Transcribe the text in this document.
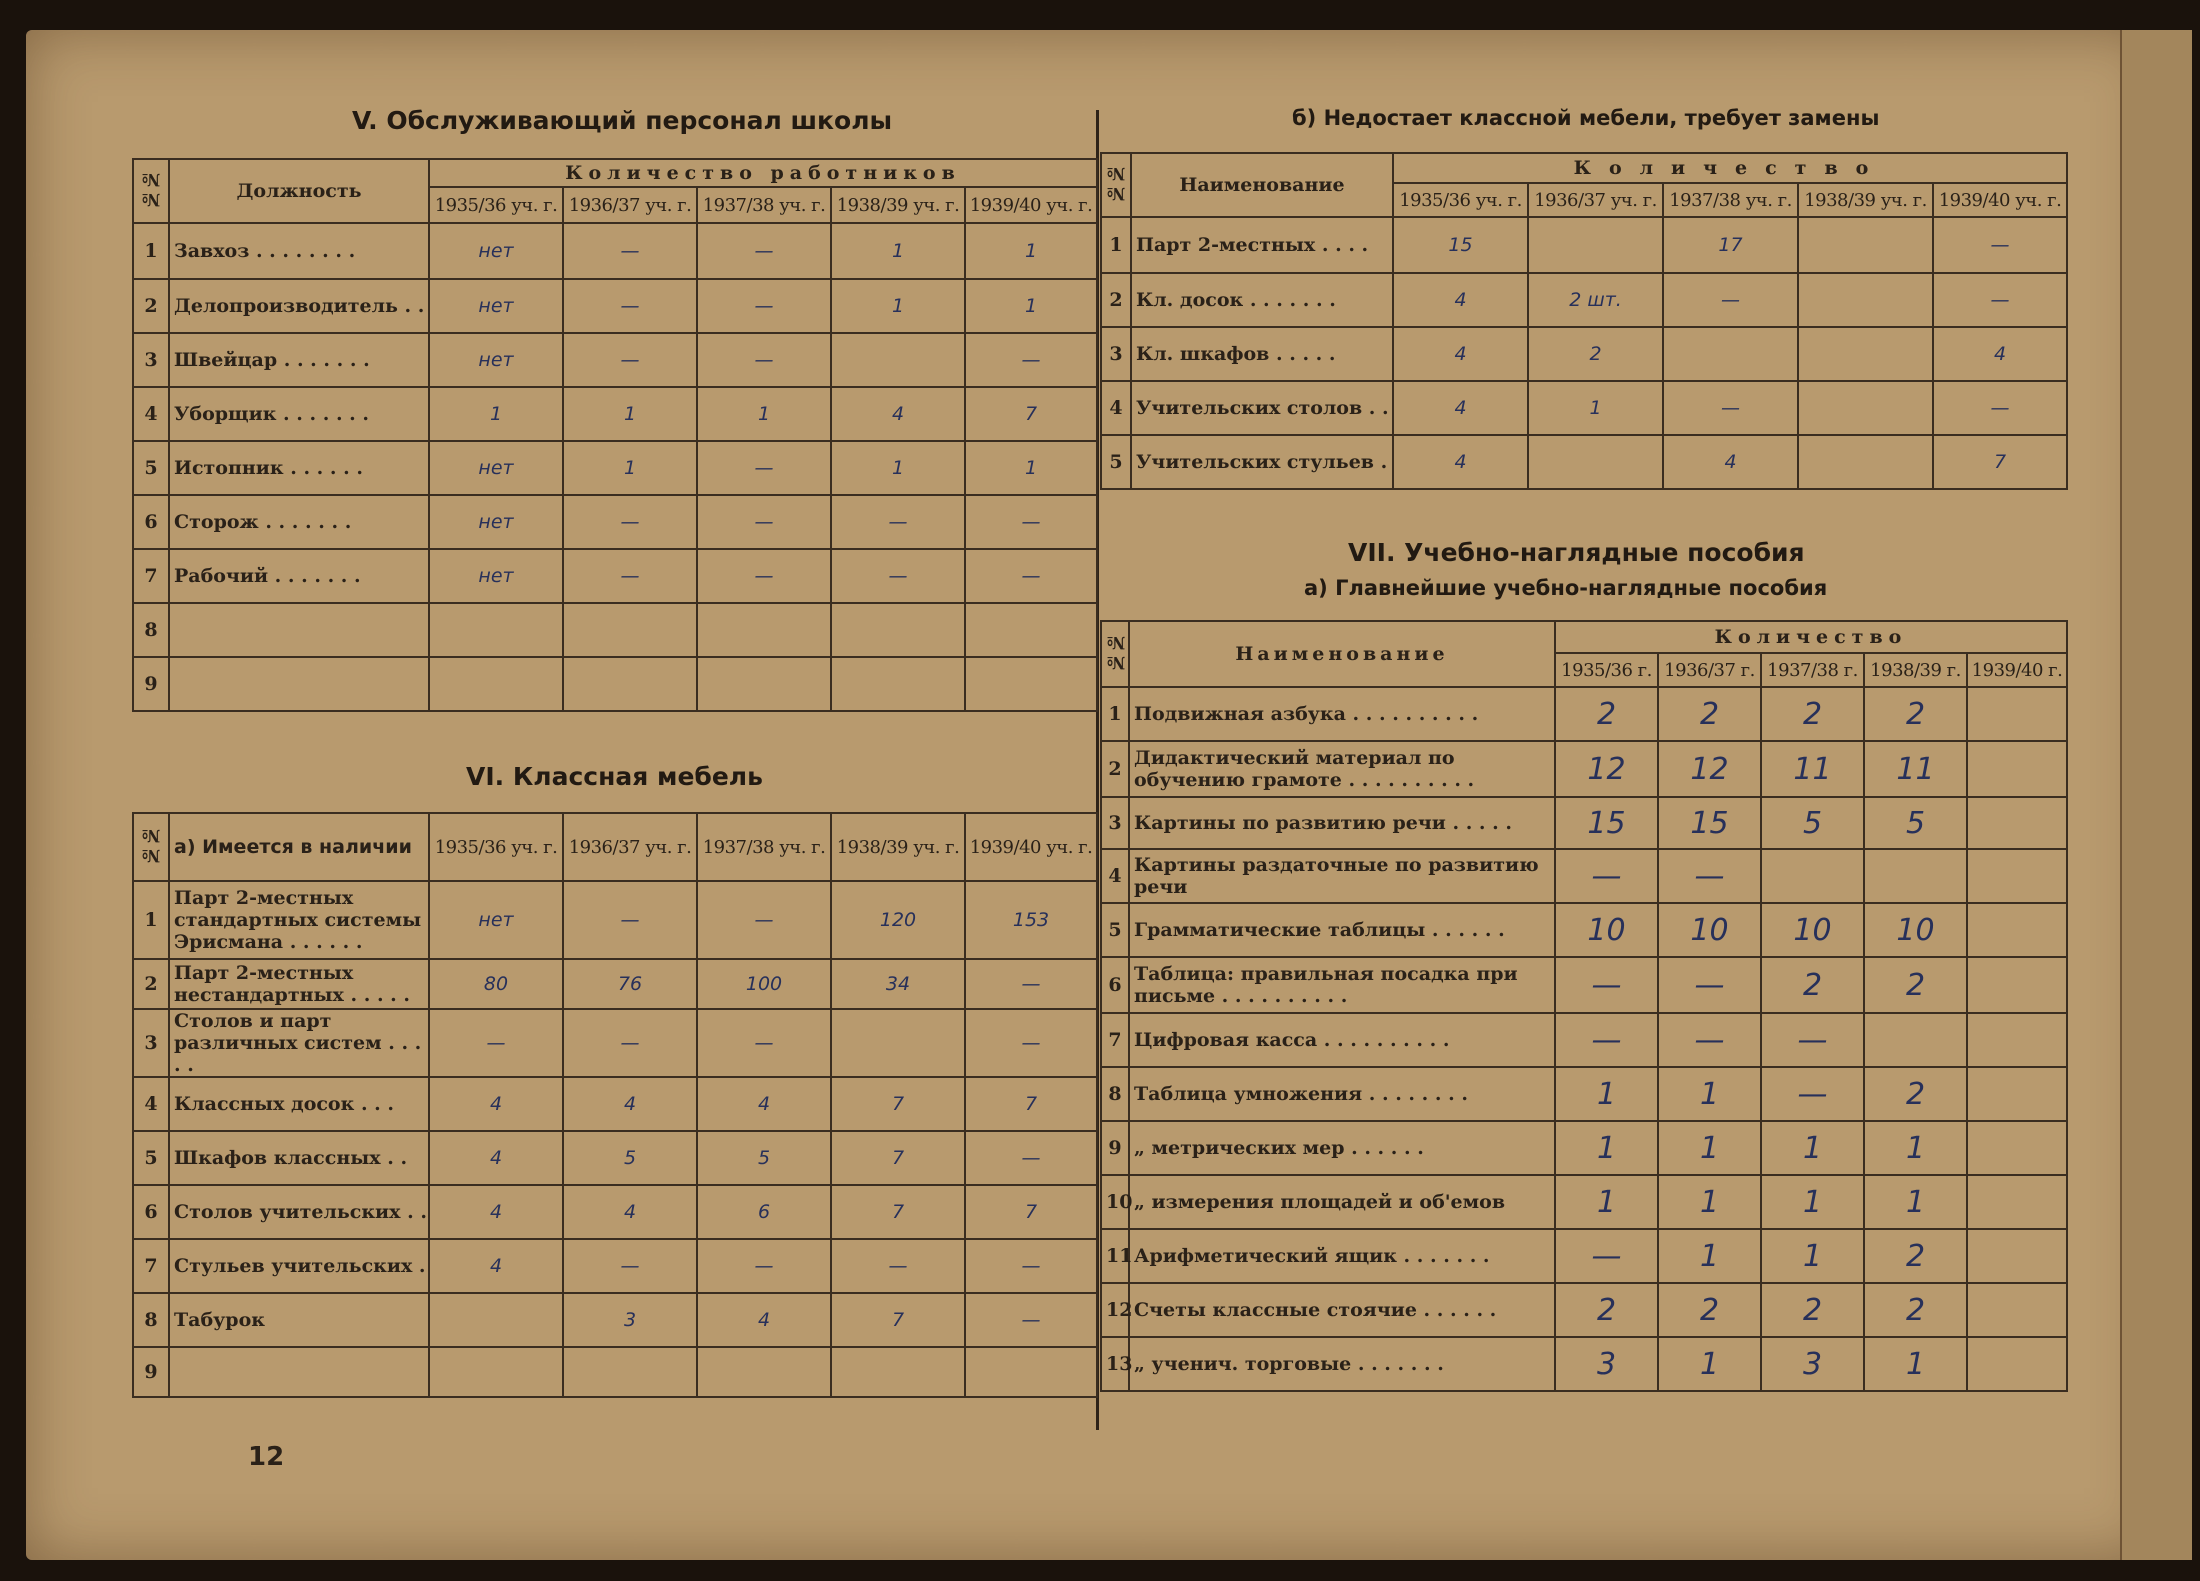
V. Обслуживающий персонал школы
№№	Должность	Количество работников				
		1935/36 уч. г.	1936/37 уч. г.	1937/38 уч. г.	1938/39 уч. г.	1939/40 уч. г.
1	Завхоз . . . . . . . .	нет	—	—	1	1
2	Делопроизводитель . .	нет	—	—	1	1
3	Швейцар . . . . . . .	нет	—	—		—
4	Уборщик . . . . . . .	1	1	1	4	7
5	Истопник . . . . . .	нет	1	—	1	1
6	Сторож . . . . . . .	нет	—	—	—	—
7	Рабочий . . . . . . .	нет	—	—	—	—
8						
9						
VI. Классная мебель
№№	а) Имеется в наличии	1935/36 уч. г.	1936/37 уч. г.	1937/38 уч. г.	1938/39 уч. г.	1939/40 уч. г.
1	Парт 2-местных стандартных системы Эрисмана . . . . . .	нет	—	—	120	153
2	Парт 2-местных нестандартных . . . . .	80	76	100	34	—
3	Столов и парт различных систем . . . . .	—	—	—		—
4	Классных досок . . .	4	4	4	7	7
5	Шкафов классных . .	4	5	5	7	—
6	Столов учительских . .	4	4	6	7	7
7	Стульев учительских .	4	—	—	—	—
8	Табурок		3	4	7	—
9						
б) Недостает классной мебели, требует замены
№№	Наименование	Количество				
		1935/36 уч. г.	1936/37 уч. г.	1937/38 уч. г.	1938/39 уч. г.	1939/40 уч. г.
1	Парт 2-местных . . . .	15		17		—
2	Кл. досок . . . . . . .	4	2 шт.	—		—
3	Кл. шкафов . . . . .	4	2			4
4	Учительских столов . .	4	1	—		—
5	Учительских стульев .	4		4		7
VII. Учебно-наглядные пособия
а) Главнейшие учебно-наглядные пособия
№№	Наименование	Количество				
		1935/36 г.	1936/37 г.	1937/38 г.	1938/39 г.	1939/40 г.
1	Подвижная азбука . . . . . . . . . .	2	2	2	2	
2	Дидактический материал по обучению грамоте . . . . . . . . . .	12	12	11	11	
3	Картины по развитию речи . . . . .	15	15	5	5	
4	Картины раздаточные по развитию речи	—	—			
5	Грамматические таблицы . . . . . .	10	10	10	10	
6	Таблица: правильная посадка при письме . . . . . . . . . .	—	—	2	2	
7	Цифровая касса . . . . . . . . . .	—	—	—		
8	Таблица умножения . . . . . . . .	1	1	—	2	
9	„ метрических мер . . . . . .	1	1	1	1	
10	„ измерения площадей и об'емов	1	1	1	1	
11	Арифметический ящик . . . . . . .	—	1	1	2	
12	Счеты классные стоячие . . . . . .	2	2	2	2	
13	„ учeнич. торговые . . . . . . .	3	1	3	1	
12
